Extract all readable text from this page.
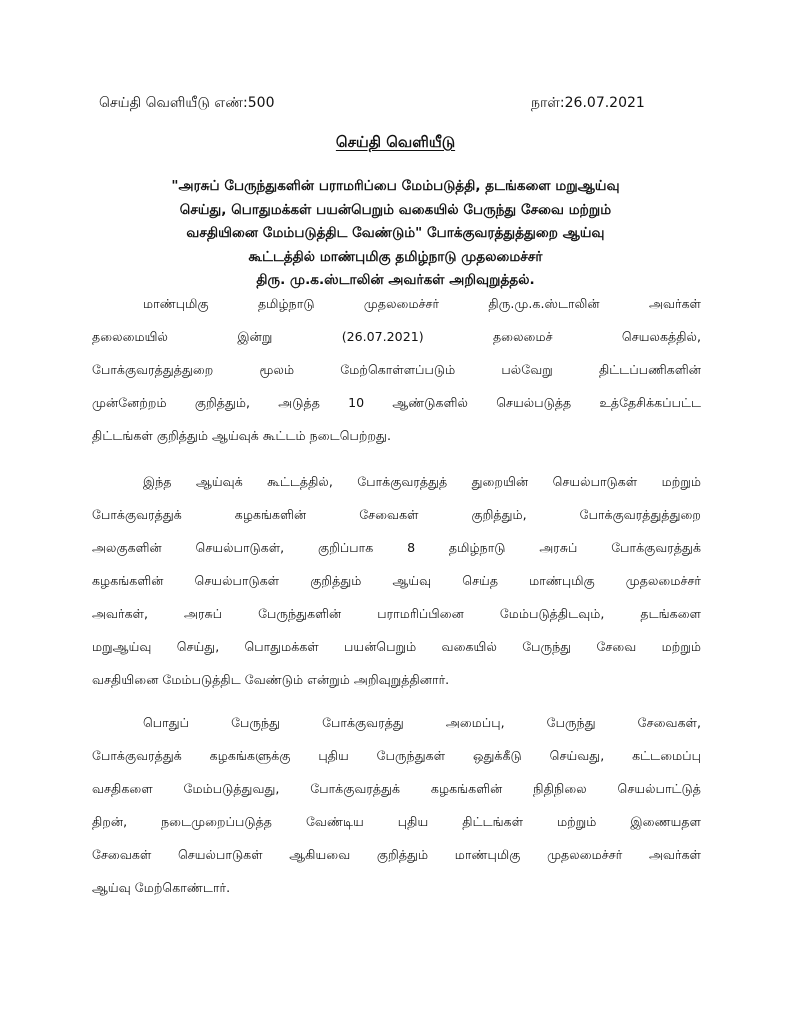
செய்தி வெளியீடு எண்:500	நாள்:26.07.2021
செய்தி வெளியீடு
"அரசுப் பேருந்துகளின் பராமரிப்பை மேம்படுத்தி, தடங்களை மறுஆய்வு
செய்து, பொதுமக்கள் பயன்பெறும் வகையில் பேருந்து சேவை மற்றும்
வசதியினை மேம்படுத்திட வேண்டும்" போக்குவரத்துத்துறை ஆய்வு
கூட்டத்தில் மாண்புமிகு தமிழ்நாடு முதலமைச்சர்
திரு. மு.க.ஸ்டாலின் அவர்கள் அறிவுறுத்தல்.
மாண்புமிகு தமிழ்நாடு முதலமைச்சர் திரு.மு.க.ஸ்டாலின் அவர்கள்
தலைமையில் இன்று (26.07.2021) தலைமைச் செயலகத்தில்,
போக்குவரத்துத்துறை மூலம் மேற்கொள்ளப்படும் பல்வேறு திட்டப்பணிகளின்
முன்னேற்றம் குறித்தும், அடுத்த 10 ஆண்டுகளில் செயல்படுத்த உத்தேசிக்கப்பட்ட
திட்டங்கள் குறித்தும் ஆய்வுக் கூட்டம் நடைபெற்றது.
இந்த ஆய்வுக் கூட்டத்தில், போக்குவரத்துத் துறையின் செயல்பாடுகள் மற்றும்
போக்குவரத்துக் கழகங்களின் சேவைகள் குறித்தும், போக்குவரத்துத்துறை
அலகுகளின் செயல்பாடுகள், குறிப்பாக 8 தமிழ்நாடு அரசுப் போக்குவரத்துக்
கழகங்களின் செயல்பாடுகள் குறித்தும் ஆய்வு செய்த மாண்புமிகு முதலமைச்சர்
அவர்கள், அரசுப் பேருந்துகளின் பராமரிப்பினை மேம்படுத்திடவும், தடங்களை
மறுஆய்வு செய்து, பொதுமக்கள் பயன்பெறும் வகையில் பேருந்து சேவை மற்றும்
வசதியினை மேம்படுத்திட வேண்டும் என்றும் அறிவுறுத்தினார்.
பொதுப் பேருந்து போக்குவரத்து அமைப்பு, பேருந்து சேவைகள்,
போக்குவரத்துக் கழகங்களுக்கு புதிய பேருந்துகள் ஒதுக்கீடு செய்வது, கட்டமைப்பு
வசதிகளை மேம்படுத்துவது, போக்குவரத்துக் கழகங்களின் நிதிநிலை செயல்பாட்டுத்
திறன், நடைமுறைப்படுத்த வேண்டிய புதிய திட்டங்கள் மற்றும் இணையதள
சேவைகள் செயல்பாடுகள் ஆகியவை குறித்தும் மாண்புமிகு முதலமைச்சர் அவர்கள்
ஆய்வு மேற்கொண்டார்.
